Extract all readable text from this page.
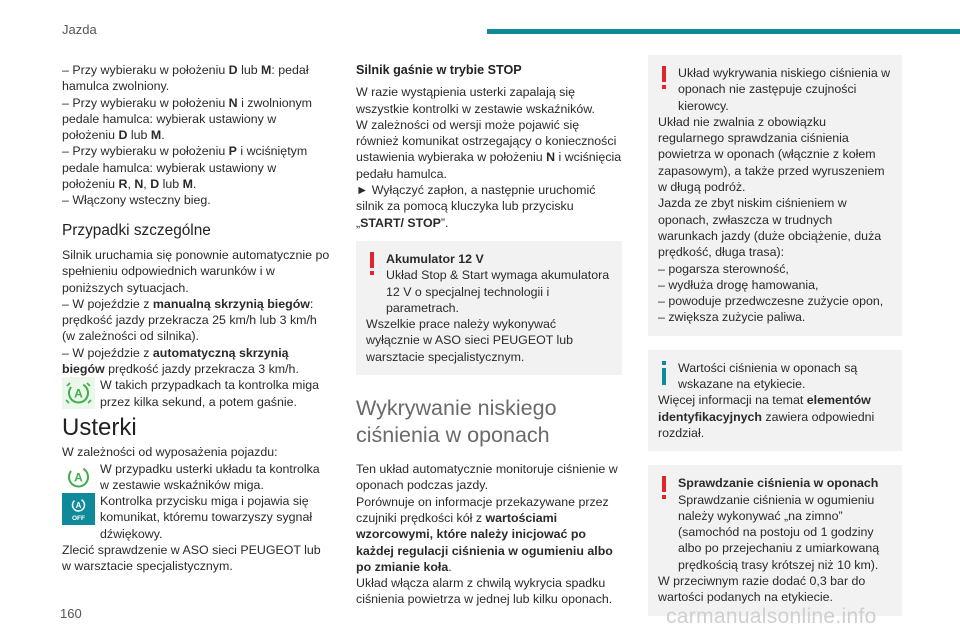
Jazda

– Przy wybieraku w położeniu D lub M: pedał hamulca zwolniony.

– Przy wybieraku w położeniu N i zwolnionym pedale hamulca: wybierak ustawiony w położeniu D lub M.

– Przy wybieraku w położeniu P i wciśniętym pedale hamulca: wybierak ustawiony w położeniu R, N, D lub M.

– Włączony wsteczny bieg.

Przypadki szczególne

Silnik uruchamia się ponownie automatycznie po spełnieniu odpowiednich warunków i w poniższych sytuacjach.

– W pojeździe z manualną skrzynią biegów: prędkość jazdy przekracza 25 km/h lub 3 km/h (w zależności od silnika).

– W pojeździe z automatyczną skrzynią biegów prędkość jazdy przekracza 3 km/h.

A

W takich przypadkach ta kontrolka miga przez kilka sekund, a potem gaśnie.

Usterki

W zależności od wyposażenia pojazdu:

A

W przypadku usterki układu ta kontrolka w zestawie wskaźników miga.

A
OFF

Kontrolka przycisku miga i pojawia się komunikat, któremu towarzyszy sygnał dźwiękowy.

Zlecić sprawdzenie w ASO sieci PEUGEOT lub w warsztacie specjalistycznym.

Silnik gaśnie w trybie STOP

W razie wystąpienia usterki zapalają się wszystkie kontrolki w zestawie wskaźników.

W zależności od wersji może pojawić się również komunikat ostrzegający o konieczności ustawienia wybieraka w położeniu N i wciśnięcia pedału hamulca.

► Wyłączyć zapłon, a następnie uruchomić silnik za pomocą kluczyka lub przycisku „START/ STOP”.

Akumulator 12 V

Układ Stop & Start wymaga akumulatora 12 V o specjalnej technologii i parametrach.

Wszelkie prace należy wykonywać wyłącznie w ASO sieci PEUGEOT lub warsztacie specjalistycznym.

Wykrywanie niskiego ciśnienia w oponach

Ten układ automatycznie monitoruje ciśnienie w oponach podczas jazdy.

Porównuje on informacje przekazywane przez czujniki prędkości kół z wartościami wzorcowymi, które należy inicjować po każdej regulacji ciśnienia w ogumieniu albo po zmianie koła.

Układ włącza alarm z chwilą wykrycia spadku ciśnienia powietrza w jednej lub kilku oponach.

Układ wykrywania niskiego ciśnienia w oponach nie zastępuje czujności kierowcy.

Układ nie zwalnia z obowiązku regularnego sprawdzania ciśnienia powietrza w oponach (włącznie z kołem zapasowym), a także przed wyruszeniem w długą podróż.

Jazda ze zbyt niskim ciśnieniem w oponach, zwłaszcza w trudnych warunkach jazdy (duże obciążenie, duża prędkość, długa trasa):

– pogarsza sterowność,

– wydłuża drogę hamowania,

– powoduje przedwczesne zużycie opon,

– zwiększa zużycie paliwa.

Wartości ciśnienia w oponach są wskazane na etykiecie.

Więcej informacji na temat elementów identyfikacyjnych zawiera odpowiedni rozdział.

Sprawdzanie ciśnienia w oponach

Sprawdzanie ciśnienia w ogumieniu należy wykonywać „na zimno” (samochód na postoju od 1 godziny albo po przejechaniu z umiarkowaną prędkością trasy krótszej niż 10 km).

W przeciwnym razie dodać 0,3 bar do wartości podanych na etykiecie.

160	carmanualsonline.info
